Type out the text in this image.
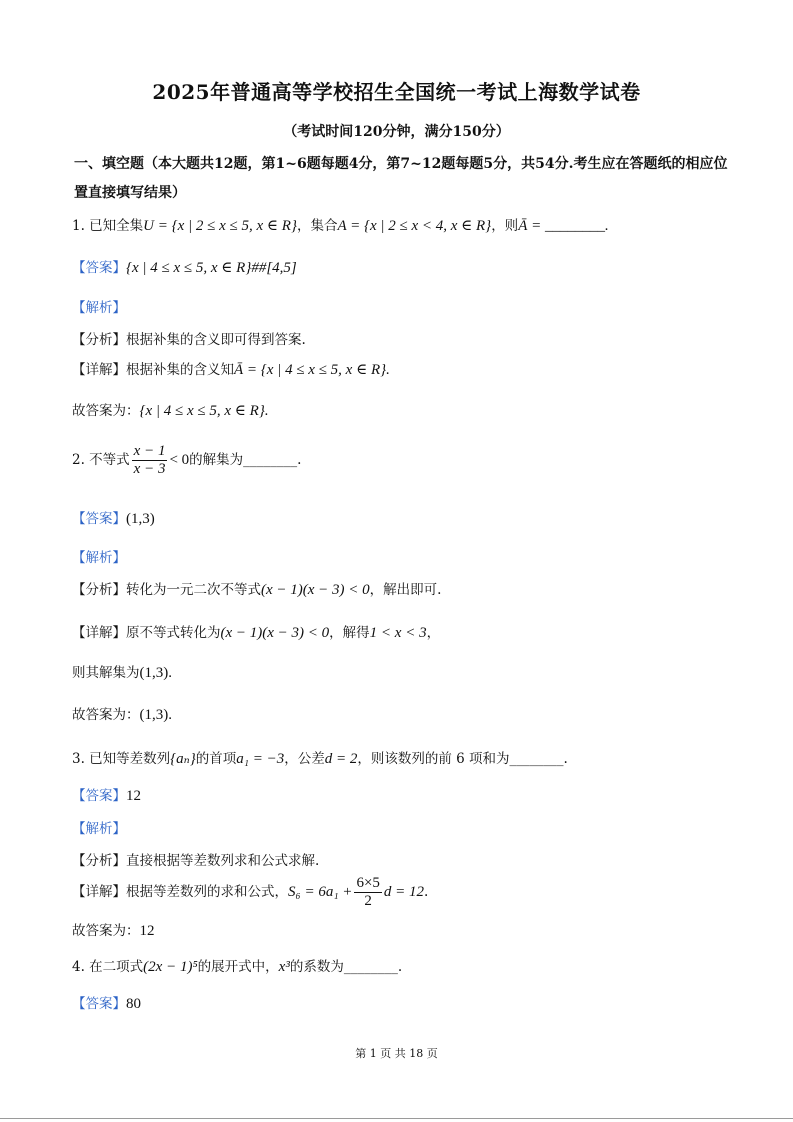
2025年普通高等学校招生全国统一考试上海数学试卷
（考试时间120分钟，满分150分）
一、填空题（本大题共12题，第1~6题每题4分，第7~12题每题5分，共54分.考生应在答题纸的相应位置直接填写结果）
1. 已知全集U = {x | 2 ≤ x ≤ 5, x ∈ R}，集合A = {x | 2 ≤ x < 4, x ∈ R}，则Ā = ________.
【答案】{x | 4 ≤ x ≤ 5, x ∈ R}##[4,5]
【解析】
【分析】根据补集的含义即可得到答案.
【详解】根据补集的含义知Ā = {x | 4 ≤ x ≤ 5, x ∈ R}.
故答案为：{x | 4 ≤ x ≤ 5, x ∈ R}.
2. 不等式 $\frac{x - 1}{x - 3} < 0$的解集为________.
【答案】(1,3)
【解析】
【分析】转化为一元二次不等式(x − 1)(x − 3) < 0，解出即可.
【详解】原不等式转化为(x − 1)(x − 3) < 0，解得1 < x < 3，
则其解集为(1,3).
故答案为：(1,3).
3. 已知等差数列{aₙ}的首项a₁ = −3，公差d = 2，则该数列的前 6 项和为________.
【答案】12
【解析】
【分析】直接根据等差数列求和公式求解.
【详解】根据等差数列的求和公式，$S_6 = 6a_1 + \frac{6\times 5}{2}$ d = 12.
故答案为：12
4. 在二项式(2x − 1)⁵的展开式中，x³的系数为________.
【答案】80
第 1 页 共 18 页
